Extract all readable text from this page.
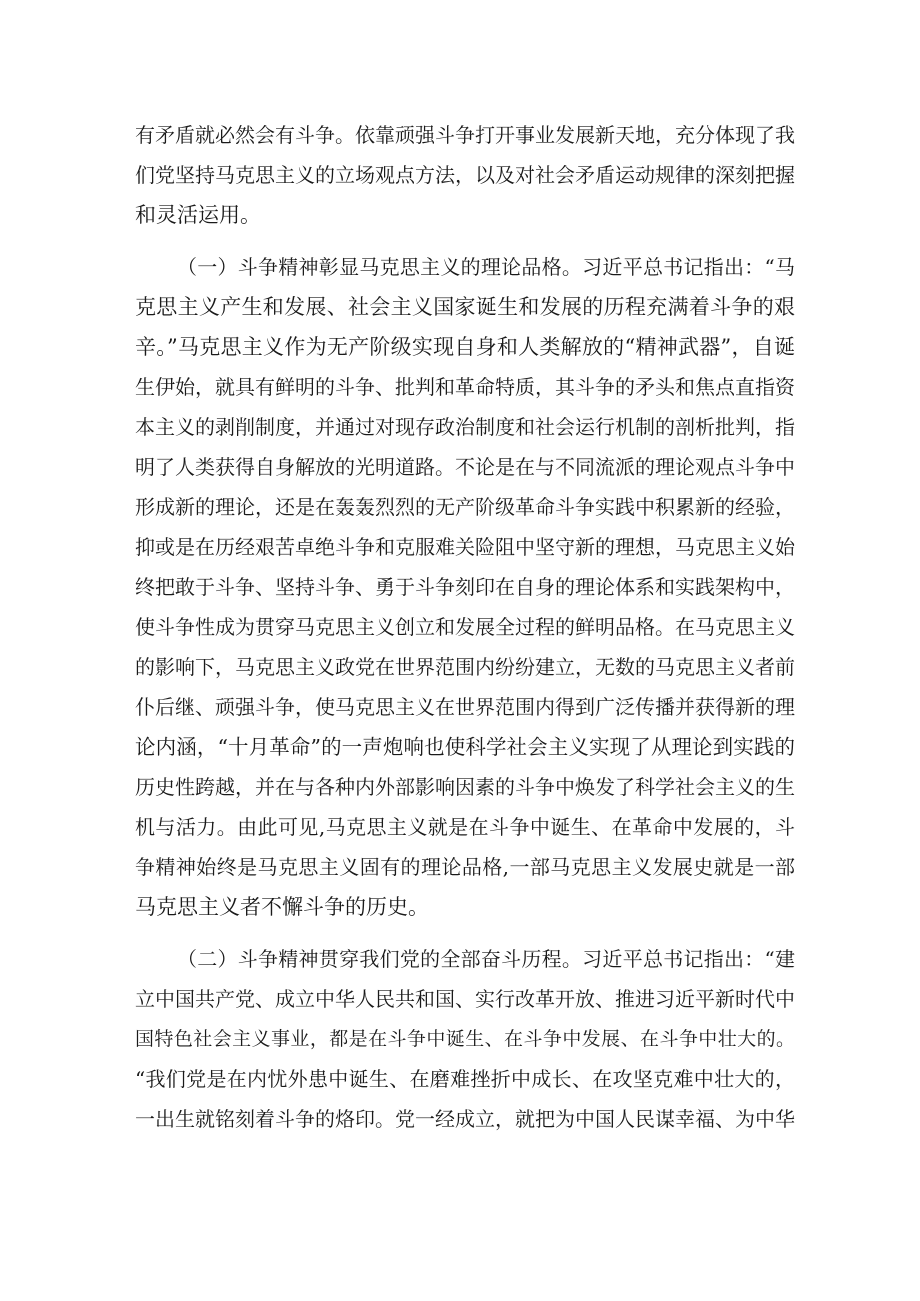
有矛盾就必然会有斗争。依靠顽强斗争打开事业发展新天地，充分体现了我
们党坚持马克思主义的立场观点方法，以及对社会矛盾运动规律的深刻把握
和灵活运用。
（一）斗争精神彰显马克思主义的理论品格。习近平总书记指出：“马
克思主义产生和发展、社会主义国家诞生和发展的历程充满着斗争的艰
辛。”马克思主义作为无产阶级实现自身和人类解放的“精神武器”，自诞
生伊始，就具有鲜明的斗争、批判和革命特质，其斗争的矛头和焦点直指资
本主义的剥削制度，并通过对现存政治制度和社会运行机制的剖析批判，指
明了人类获得自身解放的光明道路。不论是在与不同流派的理论观点斗争中
形成新的理论，还是在轰轰烈烈的无产阶级革命斗争实践中积累新的经验，
抑或是在历经艰苦卓绝斗争和克服难关险阻中坚守新的理想，马克思主义始
终把敢于斗争、坚持斗争、勇于斗争刻印在自身的理论体系和实践架构中，
使斗争性成为贯穿马克思主义创立和发展全过程的鲜明品格。在马克思主义
的影响下，马克思主义政党在世界范围内纷纷建立，无数的马克思主义者前
仆后继、顽强斗争，使马克思主义在世界范围内得到广泛传播并获得新的理
论内涵，“十月革命”的一声炮响也使科学社会主义实现了从理论到实践的
历史性跨越，并在与各种内外部影响因素的斗争中焕发了科学社会主义的生
机与活力。由此可见,马克思主义就是在斗争中诞生、在革命中发展的，斗
争精神始终是马克思主义固有的理论品格,一部马克思主义发展史就是一部
马克思主义者不懈斗争的历史。
（二）斗争精神贯穿我们党的全部奋斗历程。习近平总书记指出：“建
立中国共产党、成立中华人民共和国、实行改革开放、推进习近平新时代中
国特色社会主义事业，都是在斗争中诞生、在斗争中发展、在斗争中壮大的。
“我们党是在内忧外患中诞生、在磨难挫折中成长、在攻坚克难中壮大的，
一出生就铭刻着斗争的烙印。党一经成立，就把为中国人民谋幸福、为中华
